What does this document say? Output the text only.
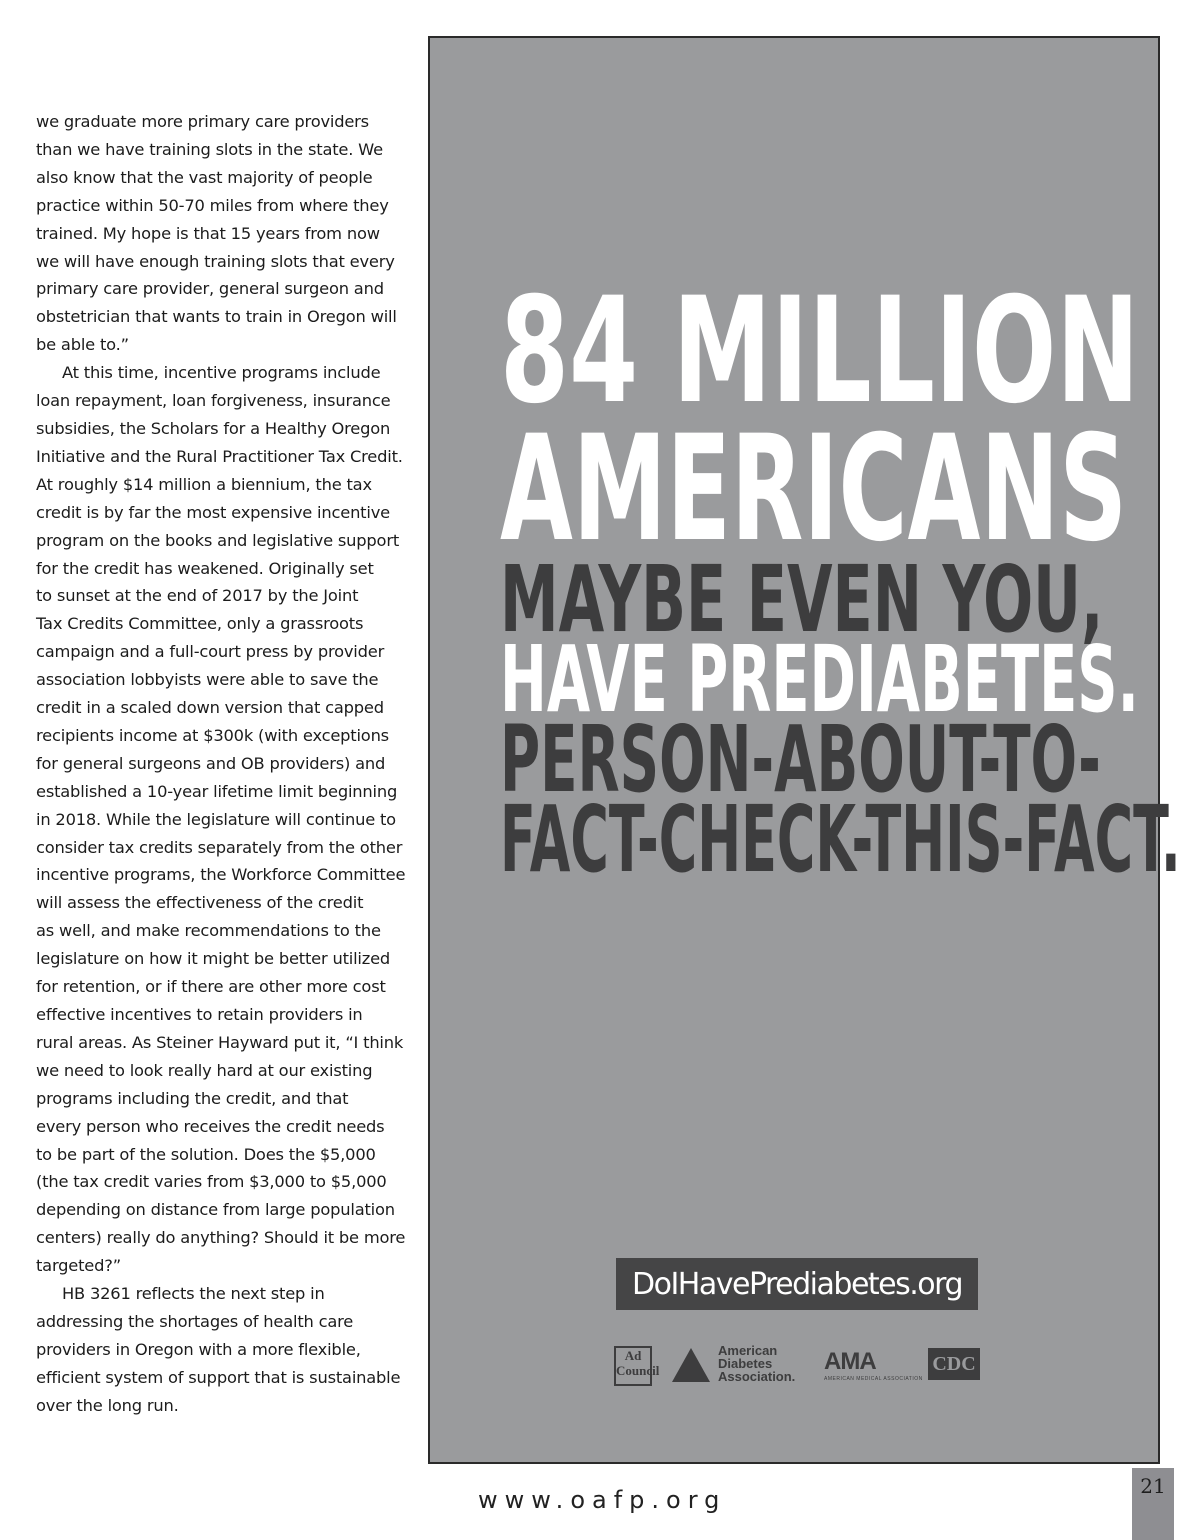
we graduate more primary care providers
than we have training slots in the state. We
also know that the vast majority of people
practice within 50-70 miles from where they
trained. My hope is that 15 years from now
we will have enough training slots that every
primary care provider, general surgeon and
obstetrician that wants to train in Oregon will
be able to.”

At this time, incentive programs include
loan repayment, loan forgiveness, insurance
subsidies, the Scholars for a Healthy Oregon
Initiative and the Rural Practitioner Tax Credit.
At roughly $14 million a biennium, the tax
credit is by far the most expensive incentive
program on the books and legislative support
for the credit has weakened. Originally set
to sunset at the end of 2017 by the Joint
Tax Credits Committee, only a grassroots
campaign and a full-court press by provider
association lobbyists were able to save the
credit in a scaled down version that capped
recipients income at $300k (with exceptions
for general surgeons and OB providers) and
established a 10-year lifetime limit beginning
in 2018. While the legislature will continue to
consider tax credits separately from the other
incentive programs, the Workforce Committee
will assess the effectiveness of the credit
as well, and make recommendations to the
legislature on how it might be better utilized
for retention, or if there are other more cost
effective incentives to retain providers in
rural areas. As Steiner Hayward put it, “I think
we need to look really hard at our existing
programs including the credit, and that
every person who receives the credit needs
to be part of the solution. Does the $5,000
(the tax credit varies from $3,000 to $5,000
depending on distance from large population
centers) really do anything? Should it be more
targeted?”

HB 3261 reflects the next step in
addressing the shortages of health care
providers in Oregon with a more flexible,
efficient system of support that is sustainable
over the long run.

84 MILLION
AMERICANS
MAYBE EVEN YOU,
HAVE PREDIABETES.
PERSON-ABOUT-TO-
FACT-CHECK-THIS-FACT.
DoIHavePrediabetes.org
Ad
Council
American
Diabetes
Association.
AMA
AMERICAN MEDICAL ASSOCIATION
CDC
www.oafp.org	21
